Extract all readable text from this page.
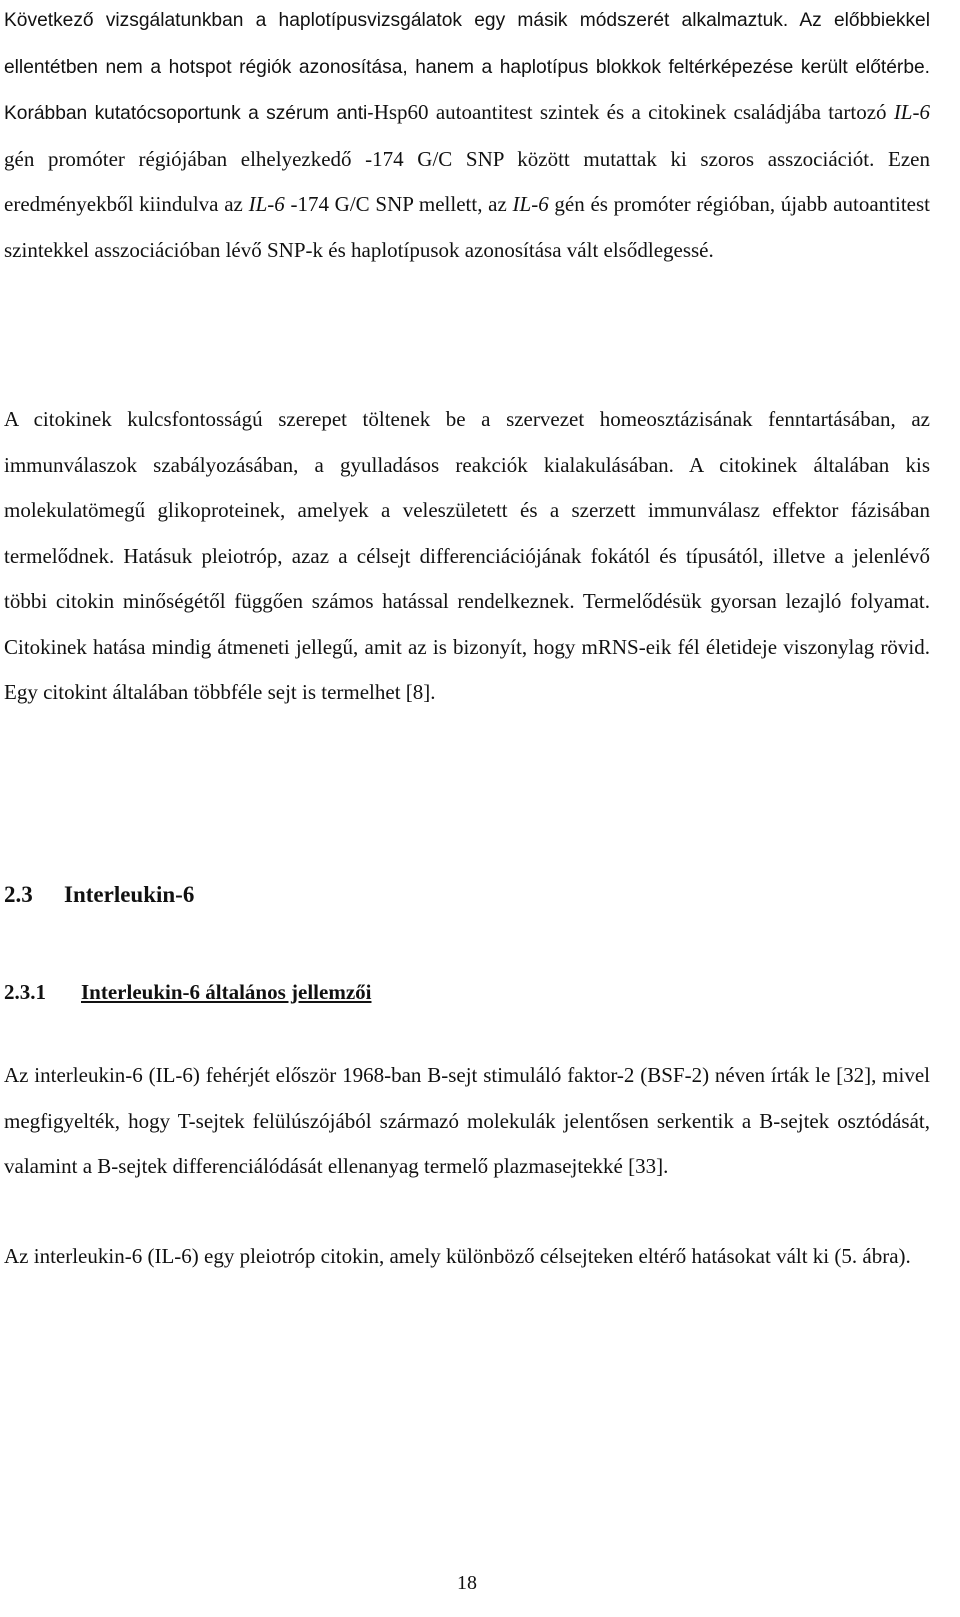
Következő vizsgálatunkban a haplotípusvizsgálatok egy másik módszerét alkalmaztuk. Az előbbiekkel ellentétben nem a hotspot régiók azonosítása, hanem a haplotípus blokkok feltérképezése került előtérbe. Korábban kutatócsoportunk a szérum anti-Hsp60 autoantitest szintek és a citokinek családjába tartozó IL-6 gén promóter régiójában elhelyezkedő -174 G/C SNP között mutattak ki szoros asszociációt. Ezen eredményekből kiindulva az IL-6 -174 G/C SNP mellett, az IL-6 gén és promóter régióban, újabb autoantitest szintekkel asszociációban lévő SNP-k és haplotípusok azonosítása vált elsődlegessé.

A citokinek kulcsfontosságú szerepet töltenek be a szervezet homeosztázisának fenntartásában, az immunválaszok szabályozásában, a gyulladásos reakciók kialakulásában. A citokinek általában kis molekulatömegű glikoproteinek, amelyek a veleszületett és a szerzett immunválasz effektor fázisában termelődnek. Hatásuk pleiotróp, azaz a célsejt differenciációjának fokától és típusától, illetve a jelenlévő többi citokin minőségétől függően számos hatással rendelkeznek. Termelődésük gyorsan lezajló folyamat. Citokinek hatása mindig átmeneti jellegű, amit az is bizonyít, hogy mRNS-eik fél életideje viszonylag rövid. Egy citokint általában többféle sejt is termelhet [8].

2.3 Interleukin-6
2.3.1 Interleukin-6 általános jellemzői

Az interleukin-6 (IL-6) fehérjét először 1968-ban B-sejt stimuláló faktor-2 (BSF-2) néven írták le [32], mivel megfigyelték, hogy T-sejtek felülúszójából származó molekulák jelentősen serkentik a B-sejtek osztódását, valamint a B-sejtek differenciálódását ellenanyag termelő plazmasejtekké [33].

Az interleukin-6 (IL-6) egy pleiotróp citokin, amely különböző célsejteken eltérő hatásokat vált ki (5. ábra).

18
